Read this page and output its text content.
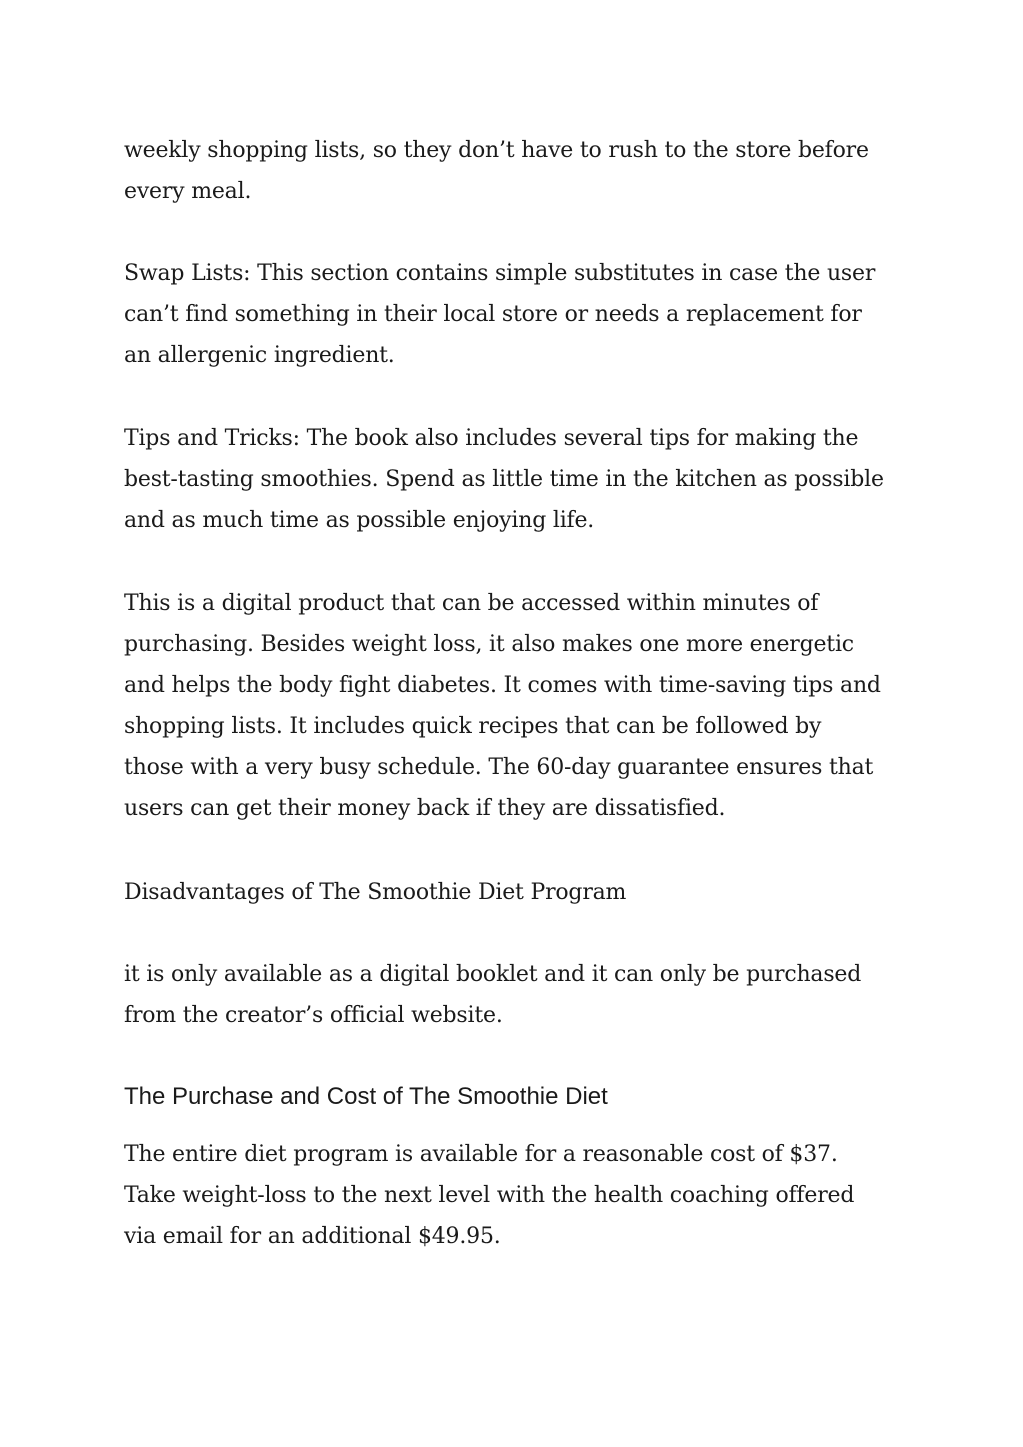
weekly shopping lists, so they don’t have to rush to the store before
every meal.

Swap Lists: This section contains simple substitutes in case the user
can’t find something in their local store or needs a replacement for
an allergenic ingredient.

Tips and Tricks: The book also includes several tips for making the
best-tasting smoothies. Spend as little time in the kitchen as possible
and as much time as possible enjoying life.

This is a digital product that can be accessed within minutes of
purchasing. Besides weight loss, it also makes one more energetic
and helps the body fight diabetes. It comes with time-saving tips and
shopping lists. It includes quick recipes that can be followed by
those with a very busy schedule. The 60-day guarantee ensures that
users can get their money back if they are dissatisfied.

Disadvantages of The Smoothie Diet Program

it is only available as a digital booklet and it can only be purchased
from the creator’s official website.

The Purchase and Cost of The Smoothie Diet

The entire diet program is available for a reasonable cost of $37.
Take weight-loss to the next level with the health coaching offered
via email for an additional $49.95.
